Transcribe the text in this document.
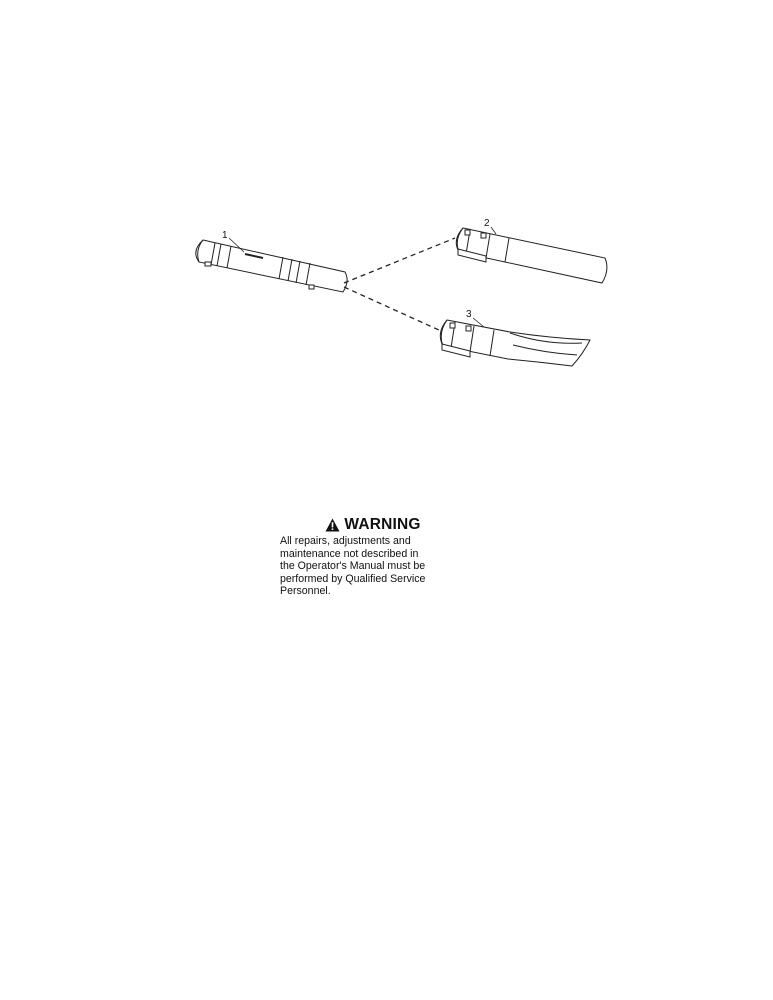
1
2
3
WARNING
All repairs, adjustments and
maintenance not described in
the Operator's Manual must be
performed by Qualified Service
Personnel.
